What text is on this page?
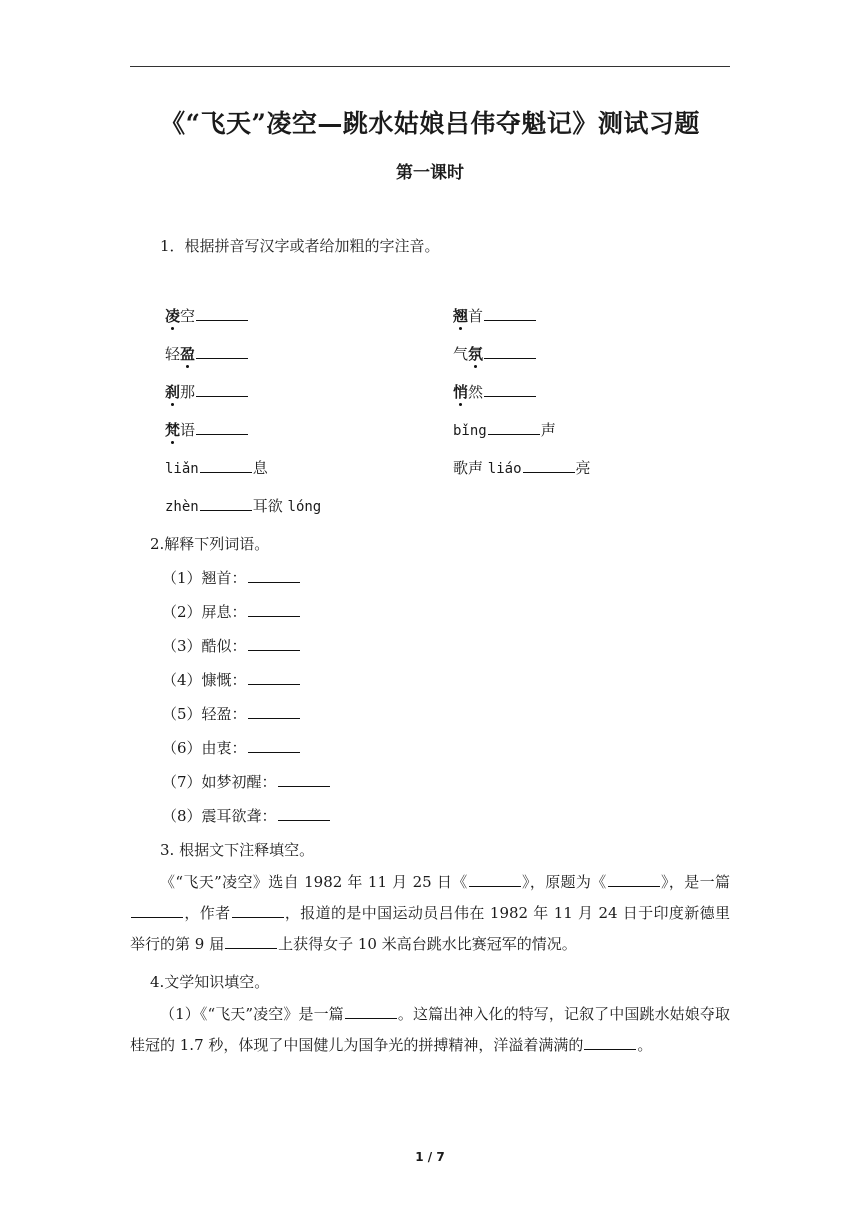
《“飞天”凌空—跳水姑娘吕伟夺魁记》测试习题
第一课时
1．根据拼音写汉字或者给加粗的字注音。
凌空
轻盈
刹那
梵语
liǎn	息
zhèn	耳欲 lóng
翘首
气氛
悄然
bǐng	声
歌声 liáo	亮
2.解释下列词语。
（1）翘首：
（2）屏息：
（3）酷似：
（4）慷慨：
（5）轻盈：
（6）由衷：
（7）如梦初醒：
（8）震耳欲聋：
3. 根据文下注释填空。
《“飞天”凌空》选自 1982 年 11 月 25 日《	》，原题为《	》，是一篇，作者	，报道的是中国运动员吕伟在 1982 年 11 月 24 日于印度新德里举行的第 9 届	上获得女子 10 米高台跳水比赛冠军的情况。
4.文学知识填空。
（1）《“飞天”凌空》是一篇	。这篇出神入化的特写，记叙了中国跳水姑娘夺取桂冠的 1.7 秒，体现了中国健儿为国争光的拼搏精神，洋溢着满满的	。
1 / 7
